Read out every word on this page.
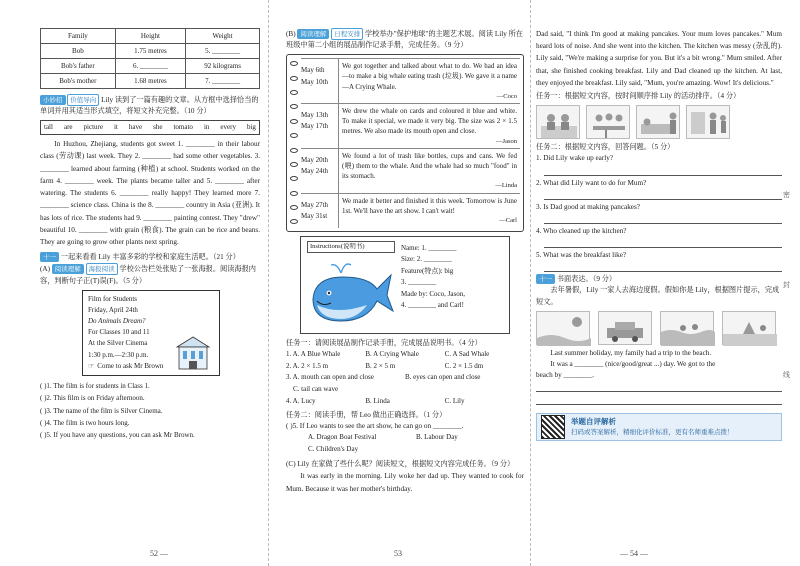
Family	Height	Weight
Bob	1.75 metres	5. ________
Bob's father	6. ________	92 kilograms
Bob's mother	1.68 metres	7. ________
小妙招 价值导向 Lily 读到了一篇有趣的文章。从方框中选择恰当的单词并用其适当形式填空，将短文补充完整。（10 分）
tall are picture it have she tomato in every big

In Huzhou, Zhejiang, students got sweet 1. ________ in their labour class (劳动课) last week. They 2. ________ had some other vegetables. 3. ________ learned about farming (种植) at school. Students worked on the farm 4. ________ week. The plants became taller and 5. ________ after watering. The students 6. ________ really happy! They learned more 7. ________ science class. China is the 8. ________ country in Asia (亚洲). It has lots of rice. The students had 9. ________ painting contest. They "drew" beautiful 10. ________ with grain (粮食). The grain can be rice and beans. They are going to grow other plants next spring.

十一 一起来看看 Lily 丰富多彩的学校和家庭生活吧。（21 分）
(A) 阅读理解 海报阅读 学校公告栏处张贴了一张海报。阅读海报内容，判断句子正(T)误(F)。（5 分）
Film for Students
Friday, April 24th
Do Animals Dream?
For Classes 10 and 11
At the Silver Cinema
1:30 p.m.—2:30 p.m.
☞ Come to ask Mr Brown
( )1. The film is for students in Class 1.
( )2. This film is on Friday afternoon.
( )3. The name of the film is Silver Cinema.
( )4. The film is two hours long.
( )5. If you have any questions, you can ask Mr Brown.
52 —
(B) 阅读理解 日程安排 学校举办"保护地球"的主题艺术展。阅读 Lily 所在班级中第二小组的展品制作记录手册，完成任务。（9 分）
May 6th
May 10th
We got together and talked about what to do. We had an idea—to make a big whale eating trash (垃圾). We gave it a name—A Crying Whale.
—Coco
May 13th
May 17th
We drew the whale on cards and coloured it blue and white. To make it special, we made it very big. The size was 2 × 1.5 metres. We also made its mouth open and close.
—Jason
May 20th
May 24th
We found a lot of trash like bottles, cups and cans. We fed (喂) them to the whale. And the whale had so much "food" in its stomach.
—Linda
May 27th
May 31st
We made it better and finished it this week. Tomorrow is June 1st. We'll have the art show. I can't wait!
—Carl
Instructions(说明书)	Name: 1. ________
Size: 2. ________
Feature(特点): big
3. ________
Made by: Coco, Jason,
4. ________ and Carl!
任务一：请阅读展品制作记录手册，完成展品说明书。（4 分）
1. A. A Blue Whale	B. A Crying Whale	C. A Sad Whale
2. A. 2 × 1.5 m	B. 2 × 5 m	C. 2 × 1.5 dm
3. A. mouth can open and close	B. eyes can open and close
C. tail can wave
4. A. Lucy	B. Linda	C. Lily
任务二：阅读手册，帮 Leo 做出正确选择。（1 分）
( )5. If Leo wants to see the art show, he can go on ________.
A. Dragon Boat Festival	B. Labour Day
C. Children's Day
(C) Lily 在家做了些什么呢？阅读短文，根据短文内容完成任务。（9 分）

It was early in the morning. Lily woke her dad up. They wanted to cook for Mum. Because it was her mother's birthday.

53

Dad said, "I think I'm good at making pancakes. Your mum loves pancakes." Mum heard lots of noise. And she went into the kitchen. The kitchen was messy (杂乱的). Lily said, "We're making a surprise for you. But it's a bit wrong." Mum smiled. After that, she finished cooking breakfast. Lily and Dad cleaned up the kitchen. At last, they enjoyed the breakfast. Lily said, "Mum, you're amazing. Wow! It's delicious."

任务一：根据短文内容，按时间顺序排 Lily 的活动排序。（4 分）
任务二：根据短文内容，回答问题。（5 分）
1. Did Lily wake up early?
2. What did Lily want to do for Mum?
3. Is Dad good at making pancakes?
4. Who cleaned up the kitchen?
5. What was the breakfast like?
十一 书面表达。（9 分）
去年暑假，Lily 一家人去海边度假。假如你是 Lily，根据图片提示，完成短文。
Last summer holiday, my family had a trip to the beach.
It was a ________ (nice/good/great ...) day. We got to the
beach by ________.
举题自评解析
扫码或答案解析，精细化评价标准，更有名师重难点拨！
— 54 —
密
封
线
